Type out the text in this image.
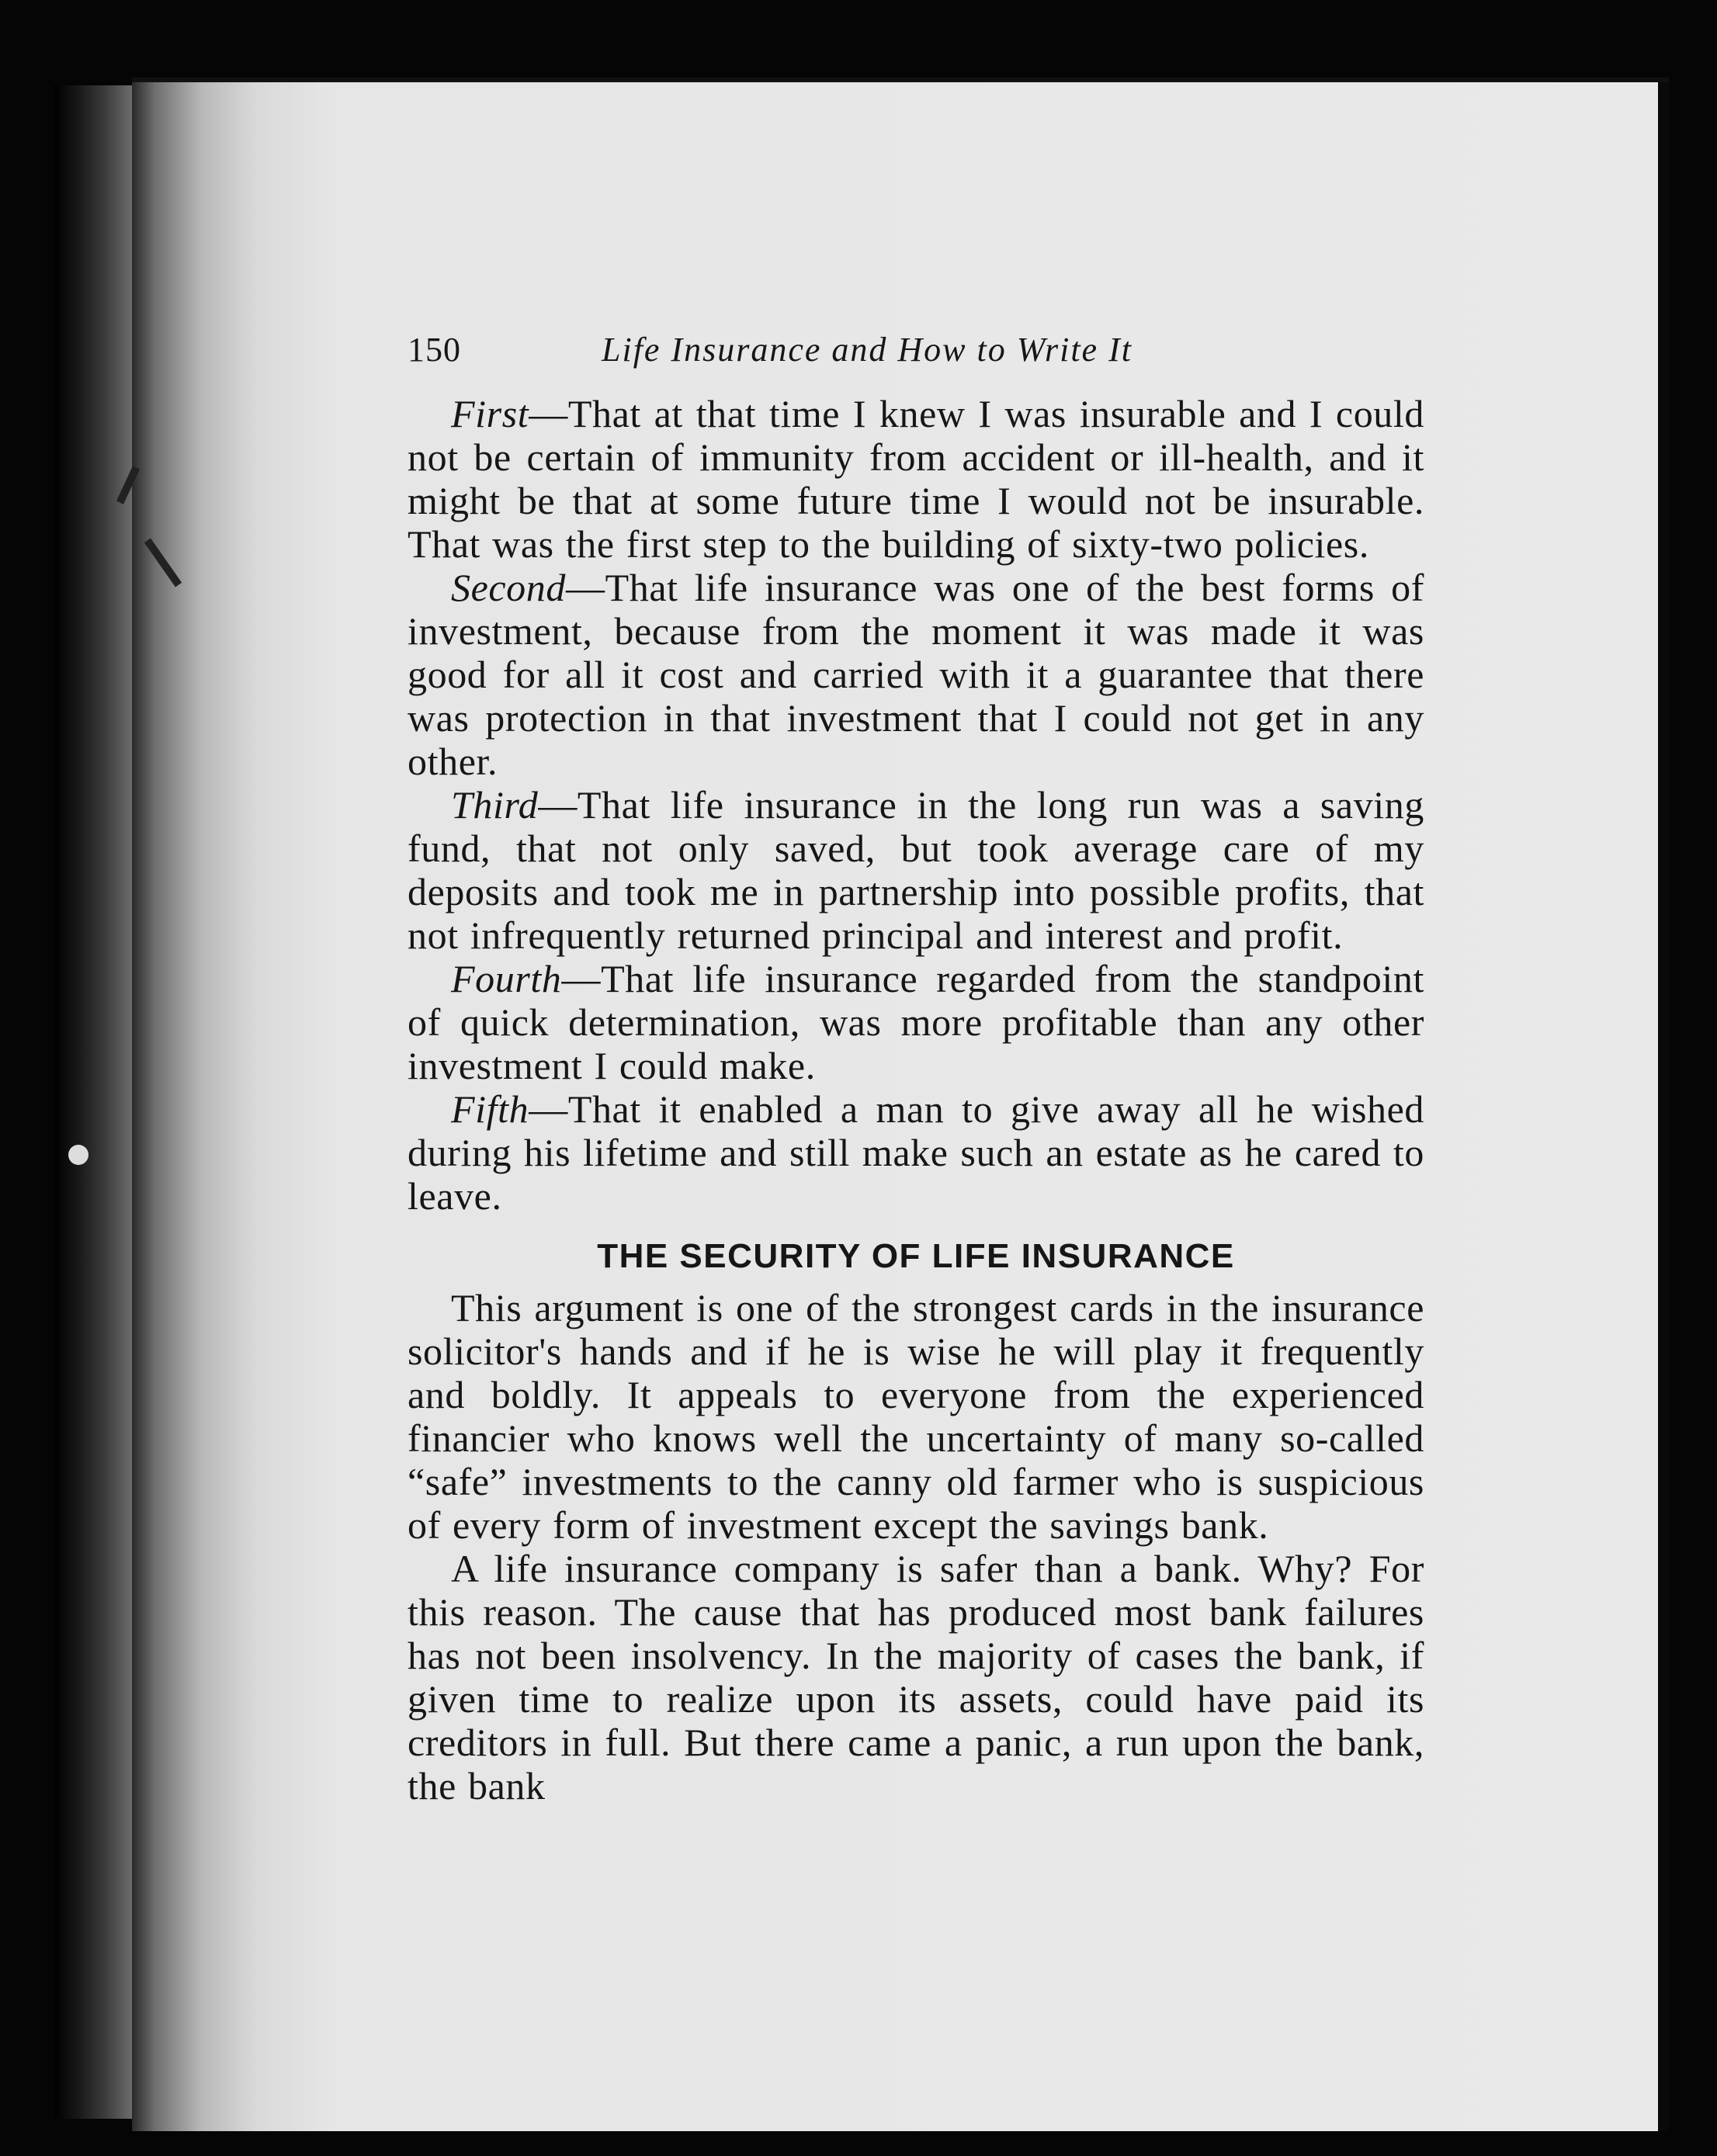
150	Life Insurance and How to Write It

First—That at that time I knew I was insurable and I could not be certain of immunity from accident or ill-health, and it might be that at some future time I would not be insurable. That was the first step to the building of sixty-two policies.

Second—That life insurance was one of the best forms of investment, because from the moment it was made it was good for all it cost and carried with it a guarantee that there was protection in that investment that I could not get in any other.

Third—That life insurance in the long run was a saving fund, that not only saved, but took average care of my deposits and took me in partnership into possible profits, that not infrequently returned principal and interest and profit.

Fourth—That life insurance regarded from the standpoint of quick determination, was more profitable than any other investment I could make.

Fifth—That it enabled a man to give away all he wished during his lifetime and still make such an estate as he cared to leave.

THE SECURITY OF LIFE INSURANCE

This argument is one of the strongest cards in the insurance solicitor's hands and if he is wise he will play it frequently and boldly. It appeals to everyone from the experienced financier who knows well the uncertainty of many so-called “safe” investments to the canny old farmer who is suspicious of every form of investment except the savings bank.

A life insurance company is safer than a bank. Why? For this reason. The cause that has produced most bank failures has not been insolvency. In the majority of cases the bank, if given time to realize upon its assets, could have paid its creditors in full. But there came a panic, a run upon the bank, the bank
